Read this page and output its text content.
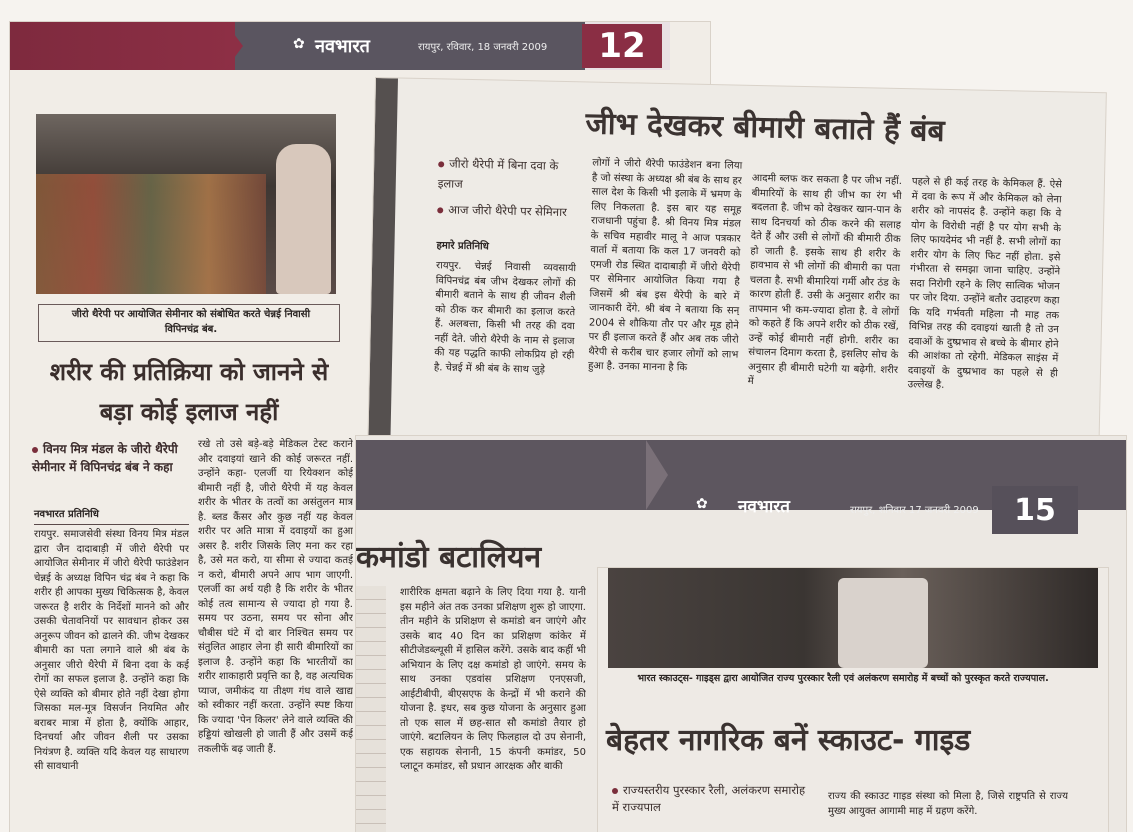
✿ नवभारत	रायपुर, रविवार, 18 जनवरी 2009	12
जीरो थैरेपी पर आयोजित सेमीनार को संबोधित करते चेन्नई निवासी विपिनचंद्र बंब.
शरीर की प्रतिक्रिया को जानने से बड़ा कोई इलाज नहीं
विनय मित्र मंडल के जीरो थैरेपी सेमीनार में विपिनचंद्र बंब ने कहा
नवभारत प्रतिनिधि
रायपुर. समाजसेवी संस्था विनय मित्र मंडल द्वारा जैन दादाबाड़ी में जीरो थैरेपी पर आयोजित सेमीनार में जीरो थैरेपी फाउंडेशन चेन्नई के अध्यक्ष विपिन चंद्र बंब ने कहा कि शरीर ही आपका मुख्य चिकित्सक है, केवल जरूरत है शरीर के निर्देशों मानने को और उसकी चेतावनियों पर सावधान होकर उस अनुरूप जीवन को ढालने की. जीभ देखकर बीमारी का पता लगाने वाले श्री बंब के अनुसार जीरो थैरेपी में बिना दवा के कई रोगों का सफल इलाज है. उन्होंने कहा कि ऐसे व्यक्ति को बीमार होते नहीं देखा होगा जिसका मल-मूत्र विसर्जन नियमित और बराबर मात्रा में होता है, क्योंकि आहार, दिनचर्या और जीवन शैली पर उसका नियंत्रण है. व्यक्ति यदि केवल यह साधारण सी सावधानी
रखे तो उसे बड़े-बड़े मेडिकल टेस्ट कराने और दवाइयां खाने की कोई जरूरत नहीं. उन्होंने कहा- एलर्जी या रियेक्शन कोई बीमारी नहीं है, जीरो थैरेपी में यह केवल शरीर के भीतर के तत्वों का असंतुलन मात्र है. ब्लड कैंसर और कुछ नहीं यह केवल शरीर पर अति मात्रा में दवाइयों का हुआ असर है. शरीर जिसके लिए मना कर रहा है, उसे मत करो, या सीमा से ज्यादा कतई न करो, बीमारी अपने आप भाग जाएगी. एलर्जी का अर्थ यही है कि शरीर के भीतर कोई तत्व सामान्य से ज्यादा हो गया है. समय पर उठना, समय पर सोना और चौबीस घंटे में दो बार निश्चित समय पर संतुलित आहार लेना ही सारी बीमारियों का इलाज है. उन्होंने कहा कि भारतीयों का शरीर शाकाहारी प्रवृत्ति का है, वह अत्यधिक प्याज, जमीकंद या तीक्ष्ण गंध वाले खाद्य को स्वीकार नहीं करता. उन्होंने स्पष्ट किया कि ज्यादा 'पेन किलर' लेने वाले व्यक्ति की हड्डियां खोखली हो जाती हैं और उसमें कई तकलीफें बढ़ जाती हैं.
जीभ देखकर बीमारी बताते हैं बंब
जीरो थैरेपी में बिना दवा के इलाज
आज जीरो थैरेपी पर सेमिनार
हमारे प्रतिनिधि
रायपुर. चेन्नई निवासी व्यवसायी विपिनचंद्र बंब जीभ देखकर लोगों की बीमारी बताने के साथ ही जीवन शैली को ठीक कर बीमारी का इलाज करते हैं. अलबत्ता, किसी भी तरह की दवा नहीं देते. जीरो थैरेपी के नाम से इलाज की यह पद्धति काफी लोकप्रिय हो रही है. चेन्नई में श्री बंब के साथ जुड़े
लोगों ने जीरो थैरेपी फाउंडेशन बना लिया है जो संस्था के अध्यक्ष श्री बंब के साथ हर साल देश के किसी भी इलाके में भ्रमण के लिए निकलता है. इस बार यह समूह राजधानी पहुंचा है. श्री विनय मित्र मंडल के सचिव महावीर मालू ने आज पत्रकार वार्ता में बताया कि कल 17 जनवरी को एमजी रोड स्थित दादाबाड़ी में जीरो थैरेपी पर सेमिनार आयोजित किया गया है जिसमें श्री बंब इस थैरेपी के बारे में जानकारी देंगे. श्री बंब ने बताया कि सन् 2004 से शौकिया तौर पर और मूड होने पर ही इलाज करते हैं और अब तक जीरो थैरेपी से करीब चार हजार लोगों को लाभ हुआ है. उनका मानना है कि
आदमी ब्लफ कर सकता है पर जीभ नहीं. बीमारियों के साथ ही जीभ का रंग भी बदलता है. जीभ को देखकर खान-पान के साथ दिनचर्या को ठीक करने की सलाह देते हैं और उसी से लोगों की बीमारी ठीक हो जाती है. इसके साथ ही शरीर के हावभाव से भी लोगों की बीमारी का पता चलता है. सभी बीमारियां गर्मी और ठंड के कारण होती हैं. उसी के अनुसार शरीर का तापमान भी कम-ज्यादा होता है. वे लोगों को कहते हैं कि अपने शरीर को ठीक रखें, उन्हें कोई बीमारी नहीं होगी. शरीर का संचालन दिमाग करता है, इसलिए सोच के अनुसार ही बीमारी घटेगी या बढ़ेगी. शरीर में
पहले से ही कई तरह के केमिकल हैं. ऐसे में दवा के रूप में और केमिकल को लेना शरीर को नापसंद है. उन्होंने कहा कि वे योग के विरोधी नहीं है पर योग सभी के लिए फायदेमंद भी नहीं है. सभी लोगों का शरीर योग के लिए फिट नहीं होता. इसे गंभीरता से समझा जाना चाहिए. उन्होंने सदा निरोगी रहने के लिए सात्विक भोजन पर जोर दिया. उन्होंने बतौर उदाहरण कहा कि यदि गर्भवती महिला नौ माह तक विभिन्न तरह की दवाइयां खाती है तो उन दवाओं के दुष्प्रभाव से बच्चे के बीमार होने की आशंका तो रहेगी. मेडिकल साइंस में दवाइयों के दुष्प्रभाव का पहले से ही उल्लेख है.
✿ नवभारत	रायपुर, शनिवार 17 जनवरी 2009	15
कमांडो बटालियन
शारीरिक क्षमता बढ़ाने के लिए दिया गया है. यानी इस महीने अंत तक उनका प्रशिक्षण शुरू हो जाएगा. तीन महीने के प्रशिक्षण से कमांडो बन जाएंगे और उसके बाद 40 दिन का प्रशिक्षण कांकेर में सीटीजेडब्ल्यूसी में हासिल करेंगे. उसके बाद कहीं भी अभियान के लिए दक्ष कमांडो हो जाएंगे. समय के साथ उनका एडवांस प्रशिक्षण एनएसजी, आईटीबीपी, बीएसएफ के केन्द्रों में भी कराने की योजना है. इधर, सब कुछ योजना के अनुसार हुआ तो एक साल में छह-सात सौ कमांडो तैयार हो जाएंगे. बटालियन के लिए फिलहाल दो उप सेनानी, एक सहायक सेनानी, 15 कंपनी कमांडर, 50 प्लाटून कमांडर, सौ प्रधान आरक्षक और बाकी
भारत स्काउट्स- गाइड्स द्वारा आयोजित राज्य पुरस्कार रैली एवं अलंकरण समारोह में बच्चों को पुरस्कृत करते राज्यपाल.
बेहतर नागरिक बनें स्काउट- गाइड
राज्यस्तरीय पुरस्कार रैली, अलंकरण समारोह में राज्यपाल
राज्य की स्काउट गाइड संस्था को मिला है, जिसे राष्ट्रपति से राज्य मुख्य आयुक्त आगामी माह में ग्रहण करेंगे.
